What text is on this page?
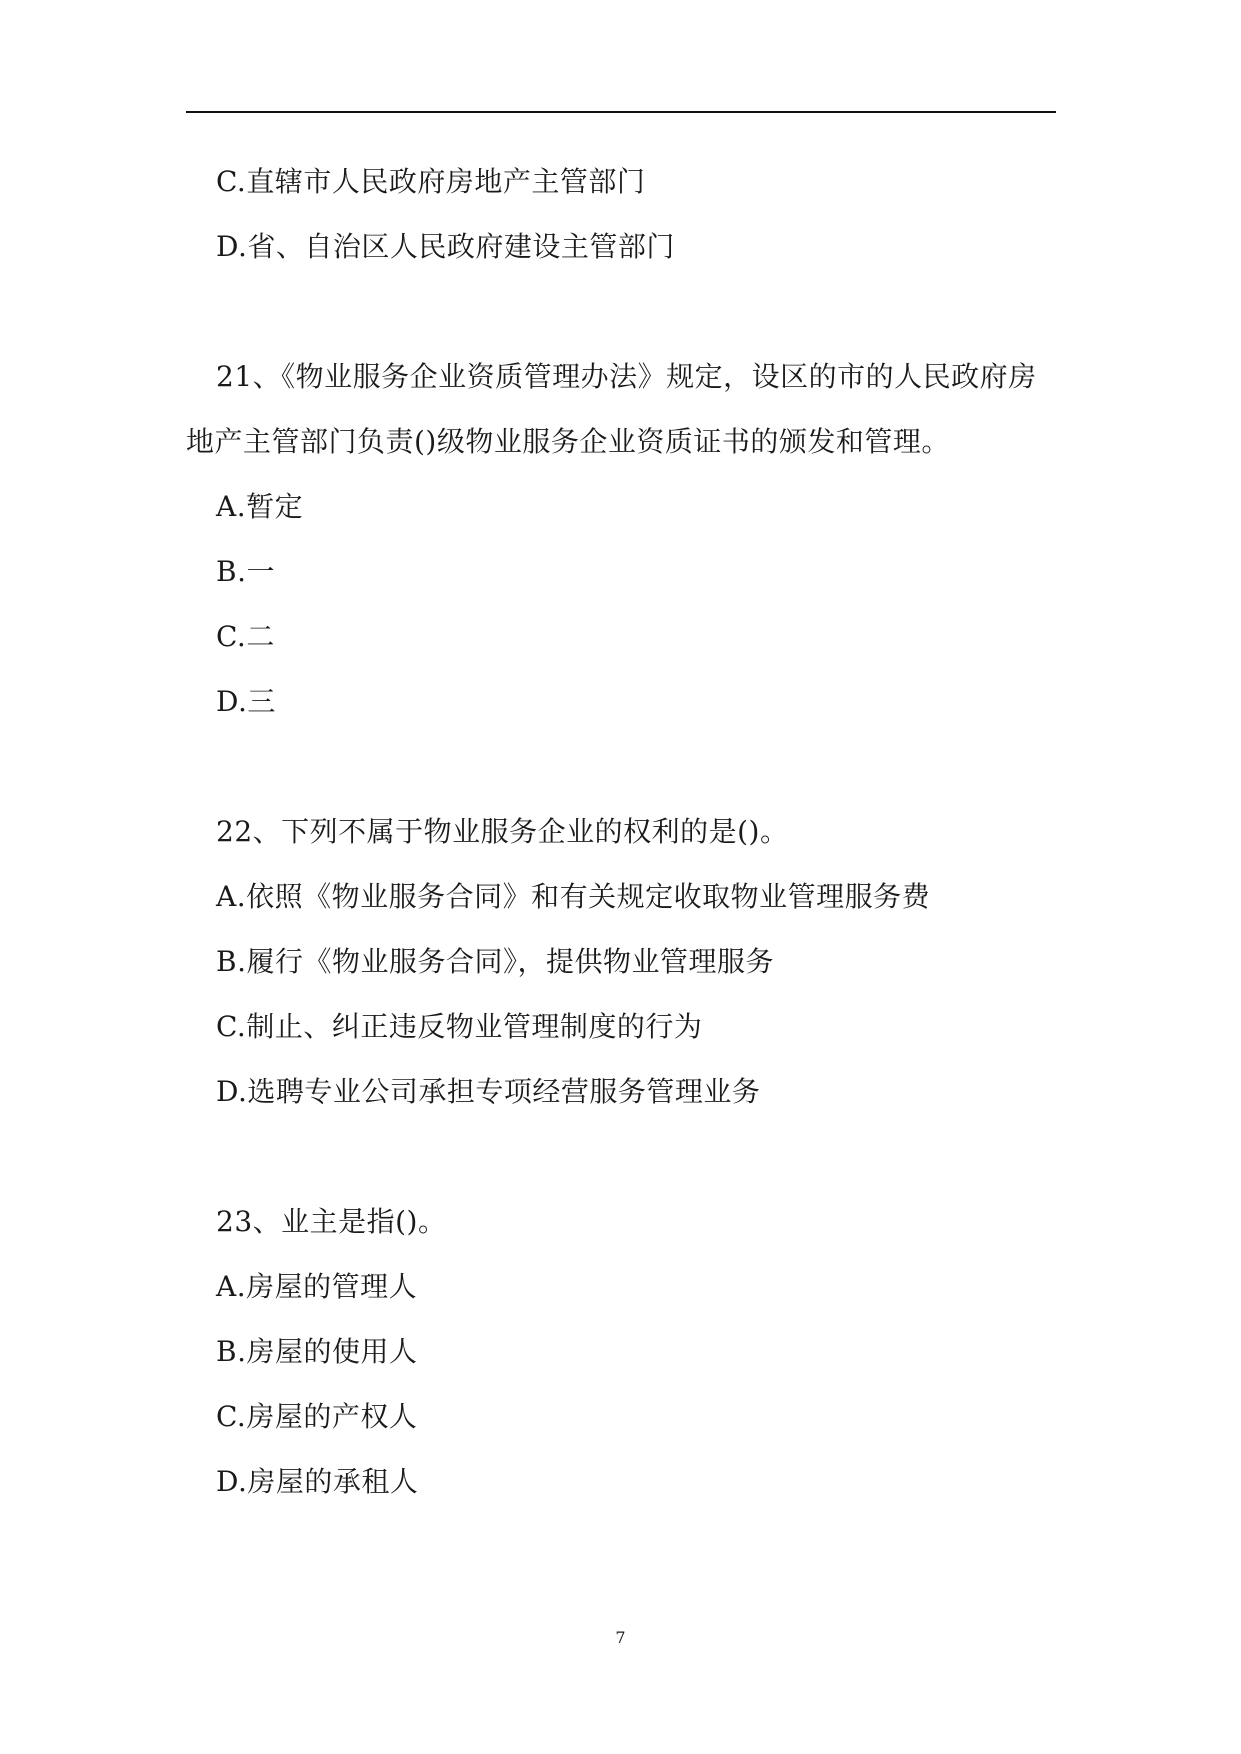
C.直辖市人民政府房地产主管部门
D.省、自治区人民政府建设主管部门
21、《物业服务企业资质管理办法》规定，设区的市的人民政府房
地产主管部门负责()级物业服务企业资质证书的颁发和管理。
A.暂定
B.一
C.二
D.三
22、下列不属于物业服务企业的权利的是()。
A.依照《物业服务合同》和有关规定收取物业管理服务费
B.履行《物业服务合同》，提供物业管理服务
C.制止、纠正违反物业管理制度的行为
D.选聘专业公司承担专项经营服务管理业务
23、业主是指()。
A.房屋的管理人
B.房屋的使用人
C.房屋的产权人
D.房屋的承租人
7
